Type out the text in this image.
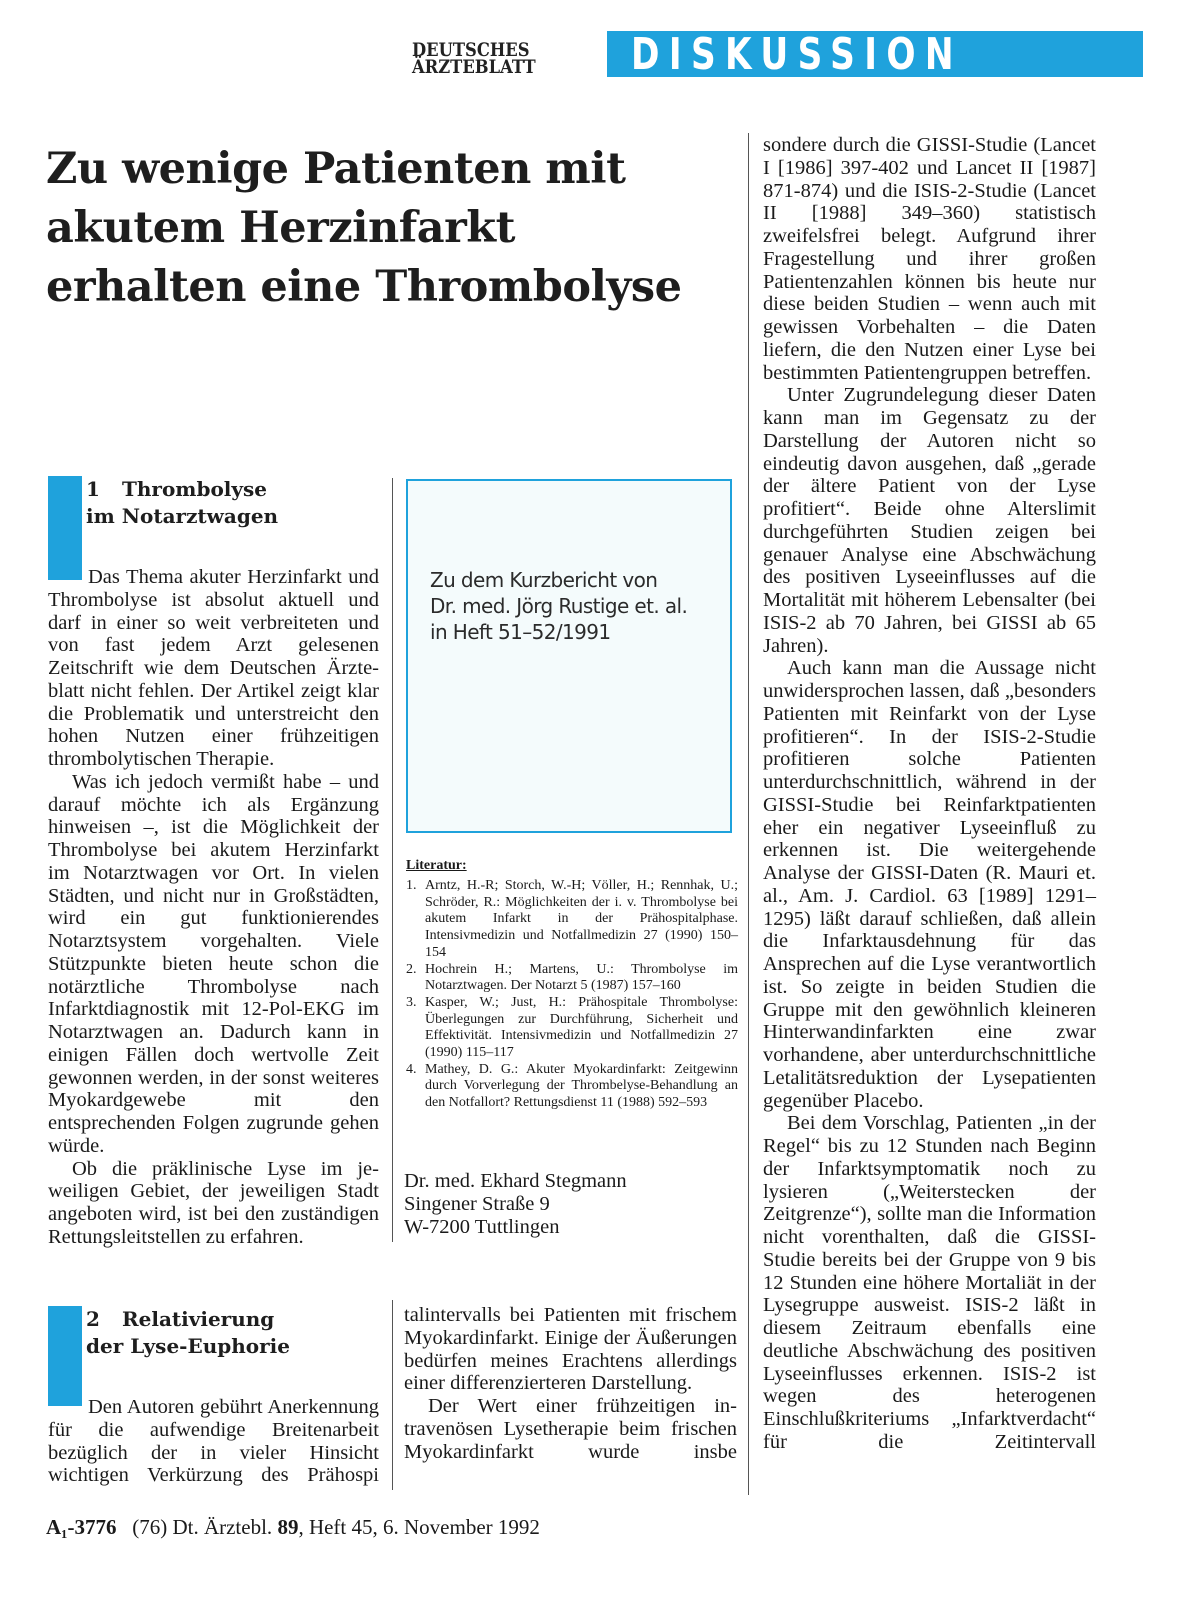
DEUTSCHES
ÄRZTEBLATT	DISKUSSION
Zu wenige Patienten mit
akutem Herzinfarkt
erhalten eine Thrombolyse
1 Thrombolyse
im Notarztwagen

Das Thema akuter Herzinfarkt und Thrombolyse ist absolut aktuell und darf in einer so weit verbreiteten und von fast jedem Arzt gelesenen Zeitschrift wie dem Deutschen Ärzteblatt nicht fehlen. Der Artikel zeigt klar die Problematik und unterstreicht den hohen Nutzen einer frühzeitigen thrombolytischen Therapie.

Was ich jedoch vermißt habe – und darauf möchte ich als Ergänzung hinweisen –, ist die Möglichkeit der Thrombolyse bei akutem Herzinfarkt im Notarztwagen vor Ort. In vielen Städten, und nicht nur in Großstädten, wird ein gut funktionierendes Notarztsystem vorgehalten. Viele Stützpunkte bieten heute schon die notärztliche Thrombolyse nach Infarktdiagnostik mit 12-Pol-EKG im Notarztwagen an. Dadurch kann in einigen Fällen doch wertvolle Zeit gewonnen werden, in der sonst weiteres Myokardgewebe mit den entsprechenden Folgen zugrunde gehen würde.

Ob die präklinische Lyse im jeweiligen Gebiet, der jeweiligen Stadt angeboten wird, ist bei den zuständigen Rettungsleitstellen zu erfahren.

Zu dem Kurzbericht von
Dr. med. Jörg Rustige et. al.
in Heft 51–52/1991
Literatur:
1. Arntz, H.-R; Storch, W.-H; Völler, H.; Rennhak, U.; Schröder, R.: Möglichkeiten der i. v. Thrombolyse bei akutem Infarkt in der Prähospitalphase. Intensivmedizin und Notfallmedizin 27 (1990) 150–154
2. Hochrein H.; Martens, U.: Thrombolyse im Notarztwagen. Der Notarzt 5 (1987) 157–160
3. Kasper, W.; Just, H.: Prähospitale Thrombolyse: Überlegungen zur Durchführung, Sicherheit und Effektivität. Intensivmedizin und Notfallmedizin 27 (1990) 115–117
4. Mathey, D. G.: Akuter Myokardinfarkt: Zeitgewinn durch Vorverlegung der Thrombelyse-Behandlung an den Notfallort? Rettungsdienst 11 (1988) 592–593
Dr. med. Ekhard Stegmann
Singener Straße 9
W-7200 Tuttlingen
2 Relativierung
der Lyse-Euphorie

Den Autoren gebührt Anerkennung für die aufwendige Breitenarbeit bezüglich der in vieler Hinsicht wichtigen Verkürzung des Prähospi

talintervalls bei Patienten mit frischem Myokardinfarkt. Einige der Äußerungen bedürfen meines Erachtens allerdings einer differenzierteren Darstellung.

Der Wert einer frühzeitigen intravenösen Lysetherapie beim frischen Myokardinfarkt wurde insbe

sondere durch die GISSI-Studie (Lancet I [1986] 397-402 und Lancet II [1987] 871-874) und die ISIS-2-Studie (Lancet II [1988] 349–360) statistisch zweifelsfrei belegt. Aufgrund ihrer Fragestellung und ihrer großen Patientenzahlen können bis heute nur diese beiden Studien – wenn auch mit gewissen Vorbehalten – die Daten liefern, die den Nutzen einer Lyse bei bestimmten Patientengruppen betreffen.

Unter Zugrundelegung dieser Daten kann man im Gegensatz zu der Darstellung der Autoren nicht so eindeutig davon ausgehen, daß „gerade der ältere Patient von der Lyse profitiert“. Beide ohne Alterslimit durchgeführten Studien zeigen bei genauer Analyse eine Abschwächung des positiven Lyseeinflusses auf die Mortalität mit höherem Lebensalter (bei ISIS-2 ab 70 Jahren, bei GISSI ab 65 Jahren).

Auch kann man die Aussage nicht unwidersprochen lassen, daß „besonders Patienten mit Reinfarkt von der Lyse profitieren“. In der ISIS-2-Studie profitieren solche Patienten unterdurchschnittlich, während in der GISSI-Studie bei Reinfarktpatienten eher ein negativer Lyseeinfluß zu erkennen ist. Die weitergehende Analyse der GISSI-Daten (R. Mauri et. al., Am. J. Cardiol. 63 [1989] 1291–1295) läßt darauf schließen, daß allein die Infarktausdehnung für das Ansprechen auf die Lyse verantwortlich ist. So zeigte in beiden Studien die Gruppe mit den gewöhnlich kleineren Hinterwandinfarkten eine zwar vorhandene, aber unterdurchschnittliche Letalitätsreduktion der Lysepatienten gegenüber Placebo.

Bei dem Vorschlag, Patienten „in der Regel“ bis zu 12 Stunden nach Beginn der Infarktsymptomatik noch zu lysieren („Weiterstecken der Zeitgrenze“), sollte man die Information nicht vorenthalten, daß die GISSI-Studie bereits bei der Gruppe von 9 bis 12 Stunden eine höhere Mortaliät in der Lysegruppe ausweist. ISIS-2 läßt in diesem Zeitraum ebenfalls eine deutliche Abschwächung des positiven Lyseeinflusses erkennen. ISIS-2 ist wegen des heterogenen Einschlußkriteriums „Infarktverdacht“ für die Zeitintervall

A₁-3776 (76) Dt. Ärztebl. 89, Heft 45, 6. November 1992
